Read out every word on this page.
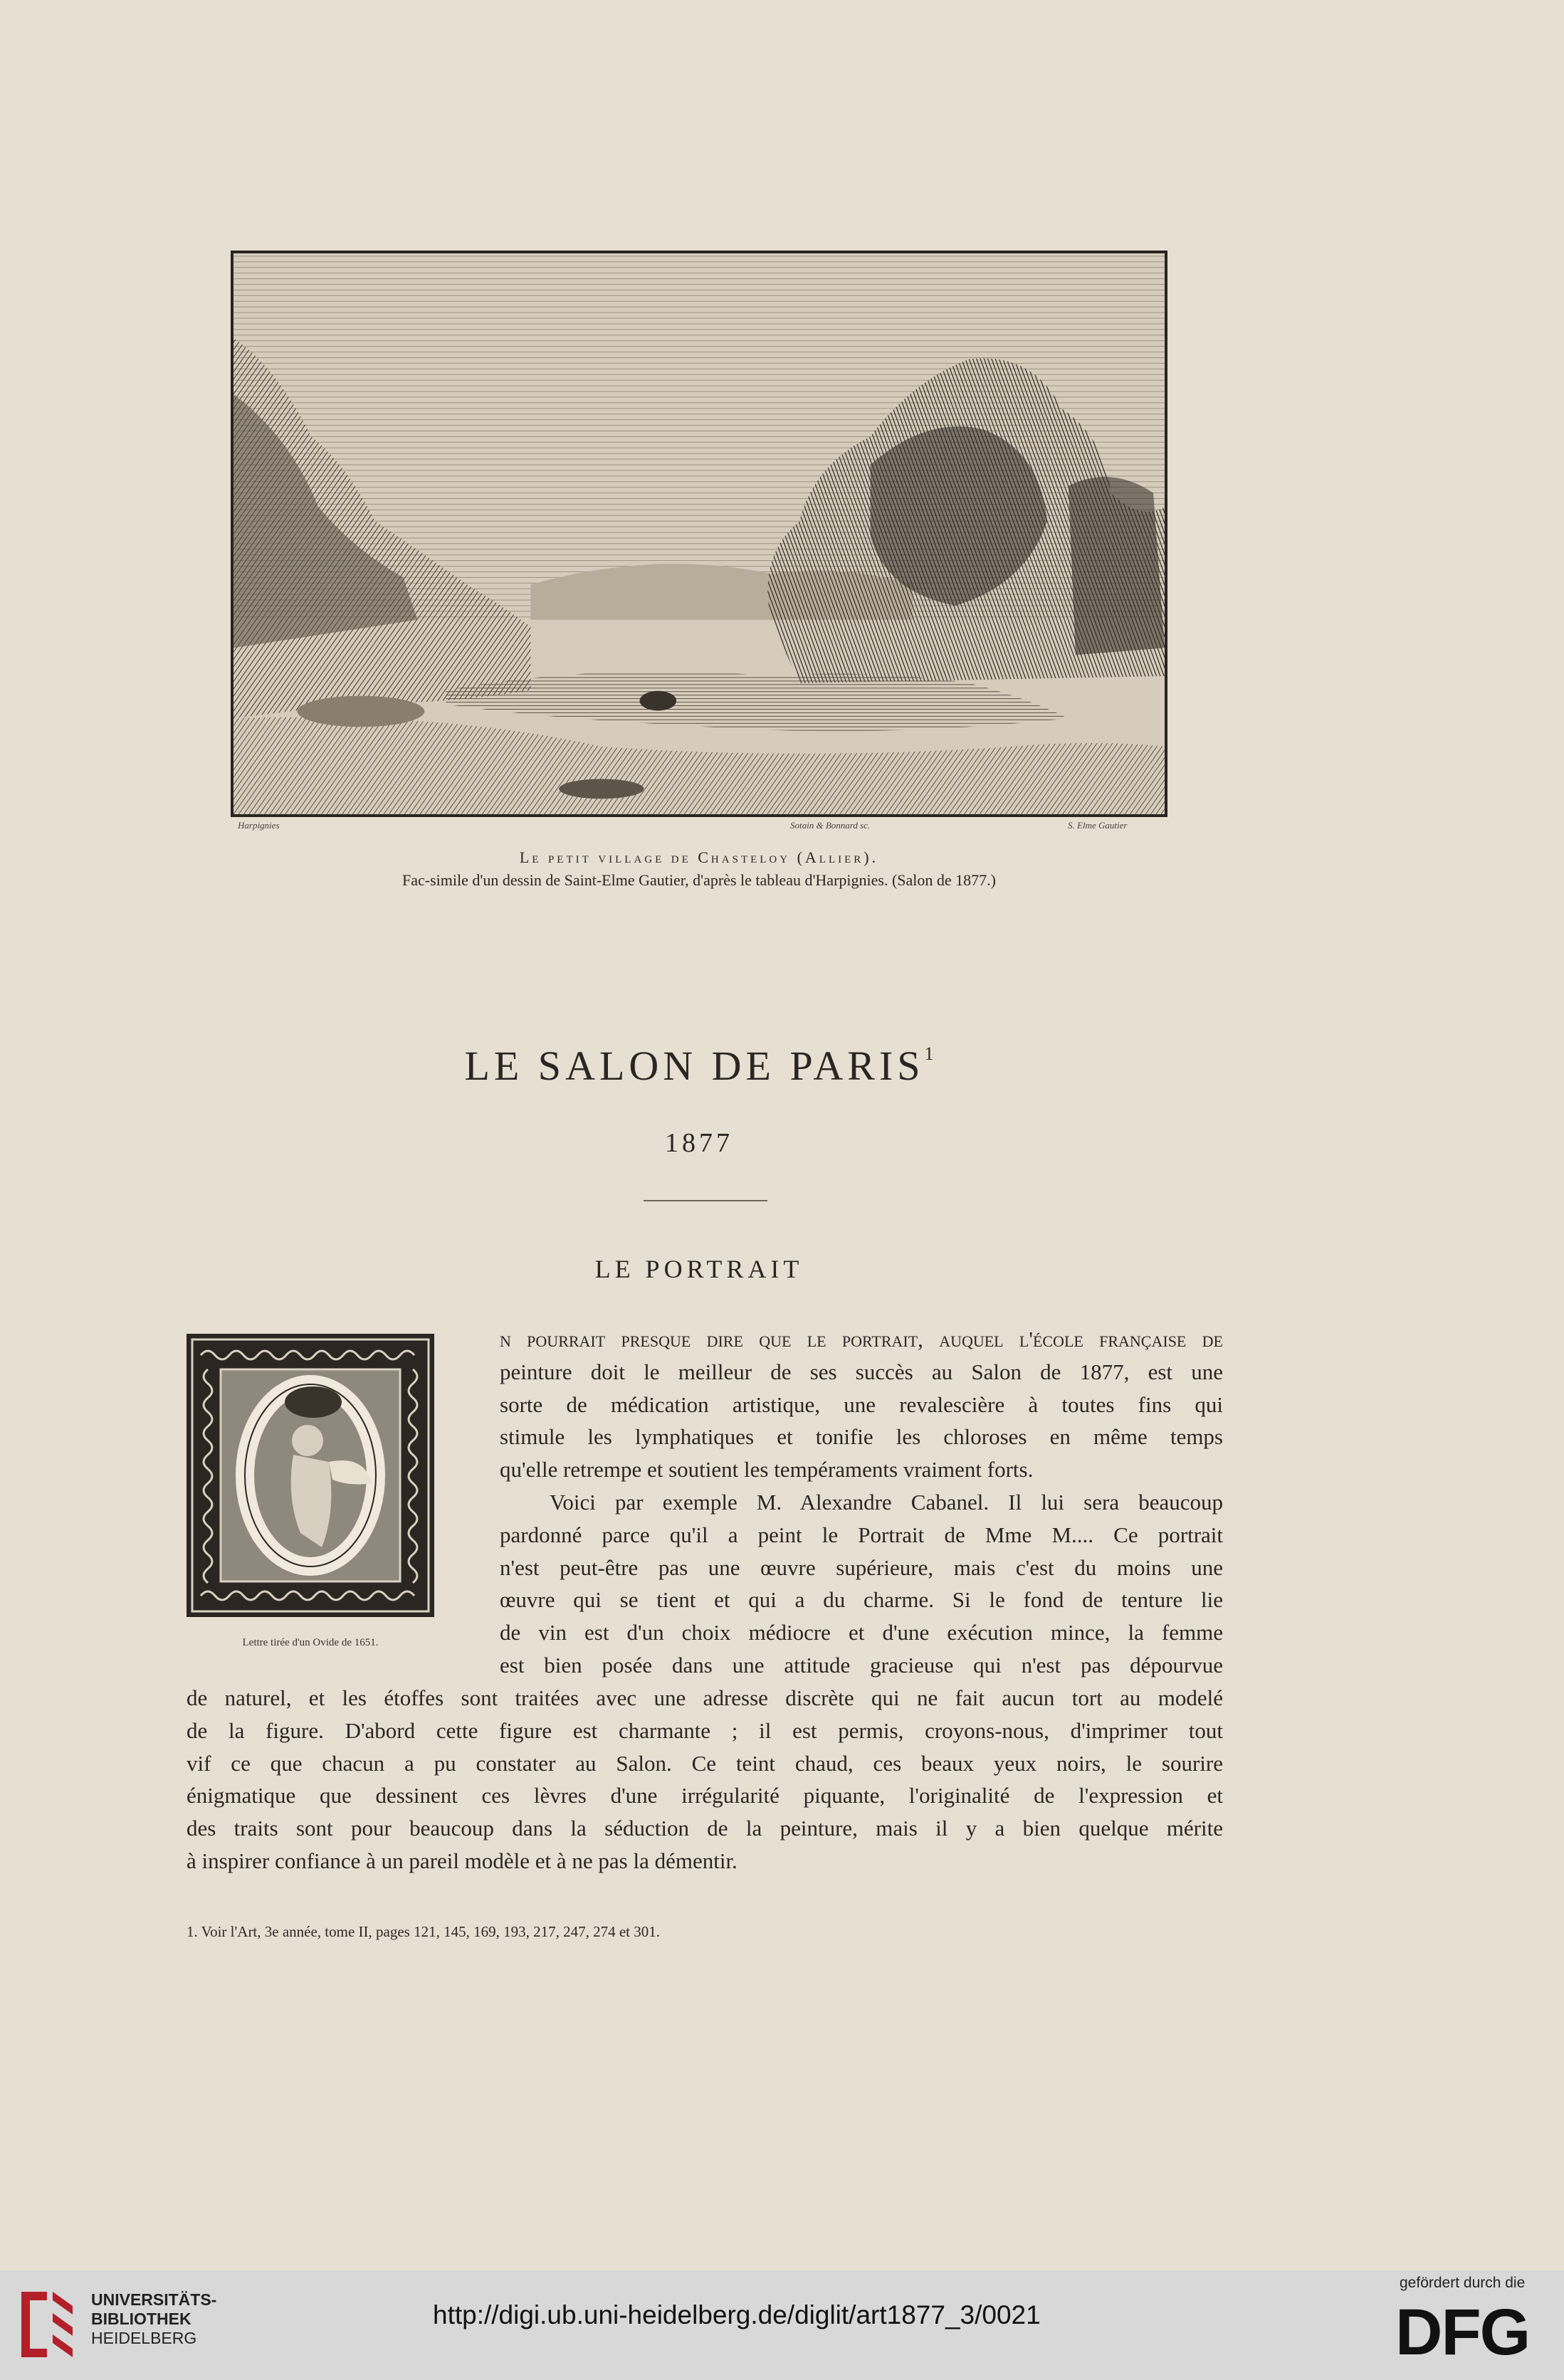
Harpignies	Sotain & Bonnard sc.	S. Elme Gautier
Le petit village de Chasteloy (Allier).
Fac-simile d'un dessin de Saint-Elme Gautier, d'après le tableau d'Harpignies. (Salon de 1877.)
LE SALON DE PARIS$^1$
1877
LE PORTRAIT
Lettre tirée d'un Ovide de 1651.
n pourrait presque dire que le portrait, auquel l'école française de
peinture doit le meilleur de ses succès au Salon de 1877, est une
sorte de médication artistique, une revalescière à toutes fins qui
stimule les lymphatiques et tonifie les chloroses en même temps
qu'elle retrempe et soutient les tempéraments vraiment forts.
Voici par exemple M. Alexandre Cabanel. Il lui sera beaucoup
pardonné parce qu'il a peint le Portrait de Mme M.... Ce portrait
n'est peut-être pas une œuvre supérieure, mais c'est du moins une
œuvre qui se tient et qui a du charme. Si le fond de tenture lie
de vin est d'un choix médiocre et d'une exécution mince, la femme
est bien posée dans une attitude gracieuse qui n'est pas dépourvue
de naturel, et les étoffes sont traitées avec une adresse discrète qui ne fait aucun tort au modelé
de la figure. D'abord cette figure est charmante ; il est permis, croyons-nous, d'imprimer tout
vif ce que chacun a pu constater au Salon. Ce teint chaud, ces beaux yeux noirs, le sourire
énigmatique que dessinent ces lèvres d'une irrégularité piquante, l'originalité de l'expression et
des traits sont pour beaucoup dans la séduction de la peinture, mais il y a bien quelque mérite
à inspirer confiance à un pareil modèle et à ne pas la démentir.
1. Voir l'Art, 3e année, tome II, pages 121, 145, 169, 193, 217, 247, 274 et 301.
UNIVERSITÄTS-
BIBLIOTHEK
HEIDELBERG
http://digi.ub.uni-heidelberg.de/diglit/art1877_3/0021
gefördert durch die
DFG
